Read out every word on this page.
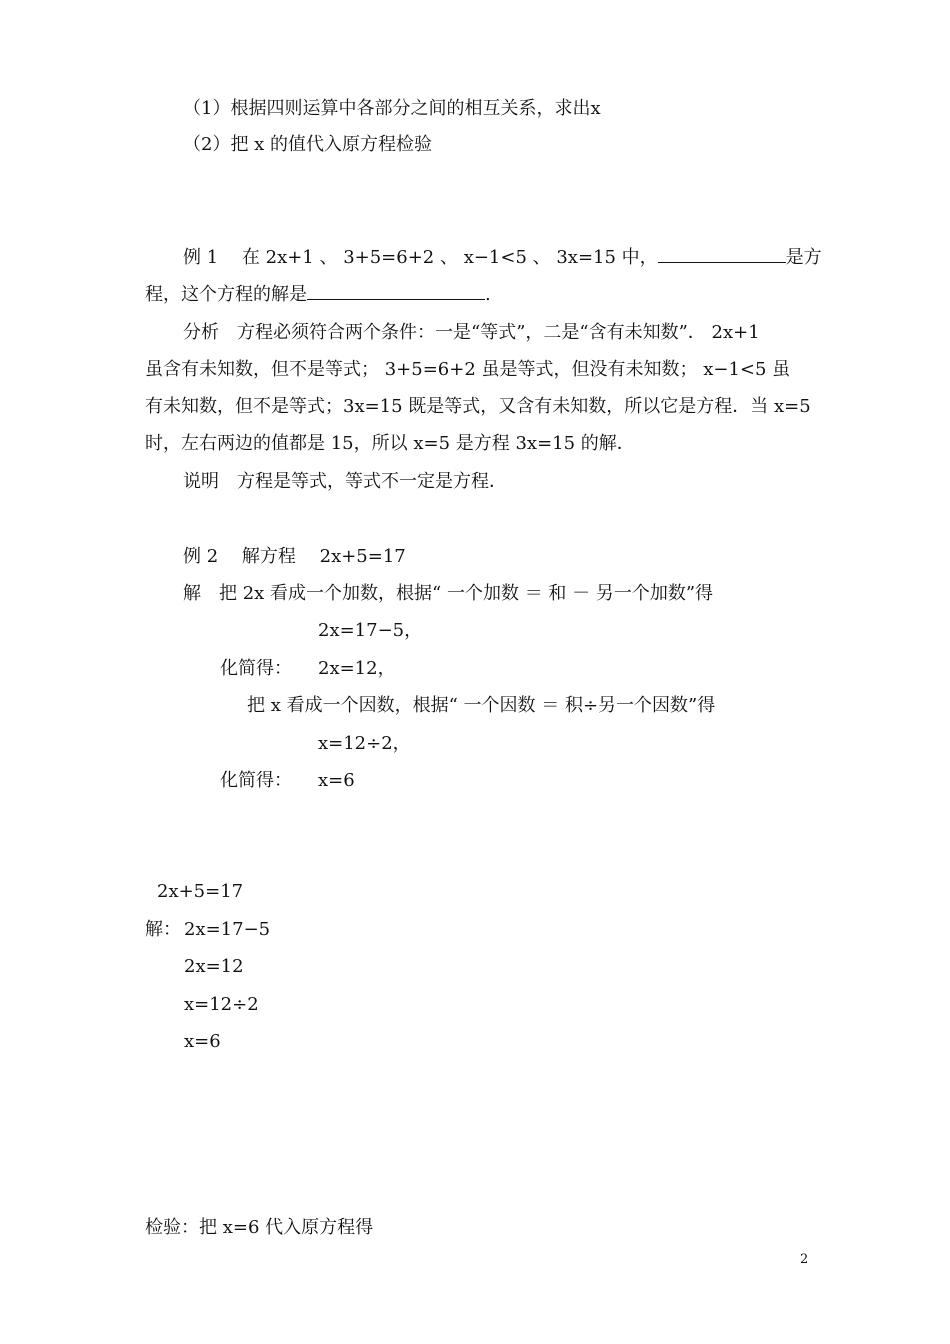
（1）根据四则运算中各部分之间的相互关系，求出x
（2）把 x 的值代入原方程检验
例 1　 在 2x+1 、 3+5=6+2 、 x−1<5 、 3x=15 中，	是方
程，这个方程的解是	.
分析　方程必须符合两个条件：一是“等式”，二是“含有未知数”． 2x+1
虽含有未知数，但不是等式； 3+5=6+2 虽是等式，但没有未知数； x−1<5 虽
有未知数，但不是等式；3x=15 既是等式，又含有未知数，所以它是方程．当 x=5
时，左右两边的值都是 15，所以 x=5 是方程 3x=15 的解．
说明　方程是等式，等式不一定是方程．
例 2　 解方程　 2x+5=17
解　把 2x 看成一个加数，根据“ 一个加数 ＝ 和 － 另一个加数”得
2x=17−5，
化简得： 2x=12，
把 x 看成一个因数，根据“ 一个因数 ＝ 积÷另一个因数”得
x=12÷2，
化简得： x=6
2x+5=17
解： 2x=17−5
2x=12
x=12÷2
x=6
检验：把 x=6 代入原方程得
2
